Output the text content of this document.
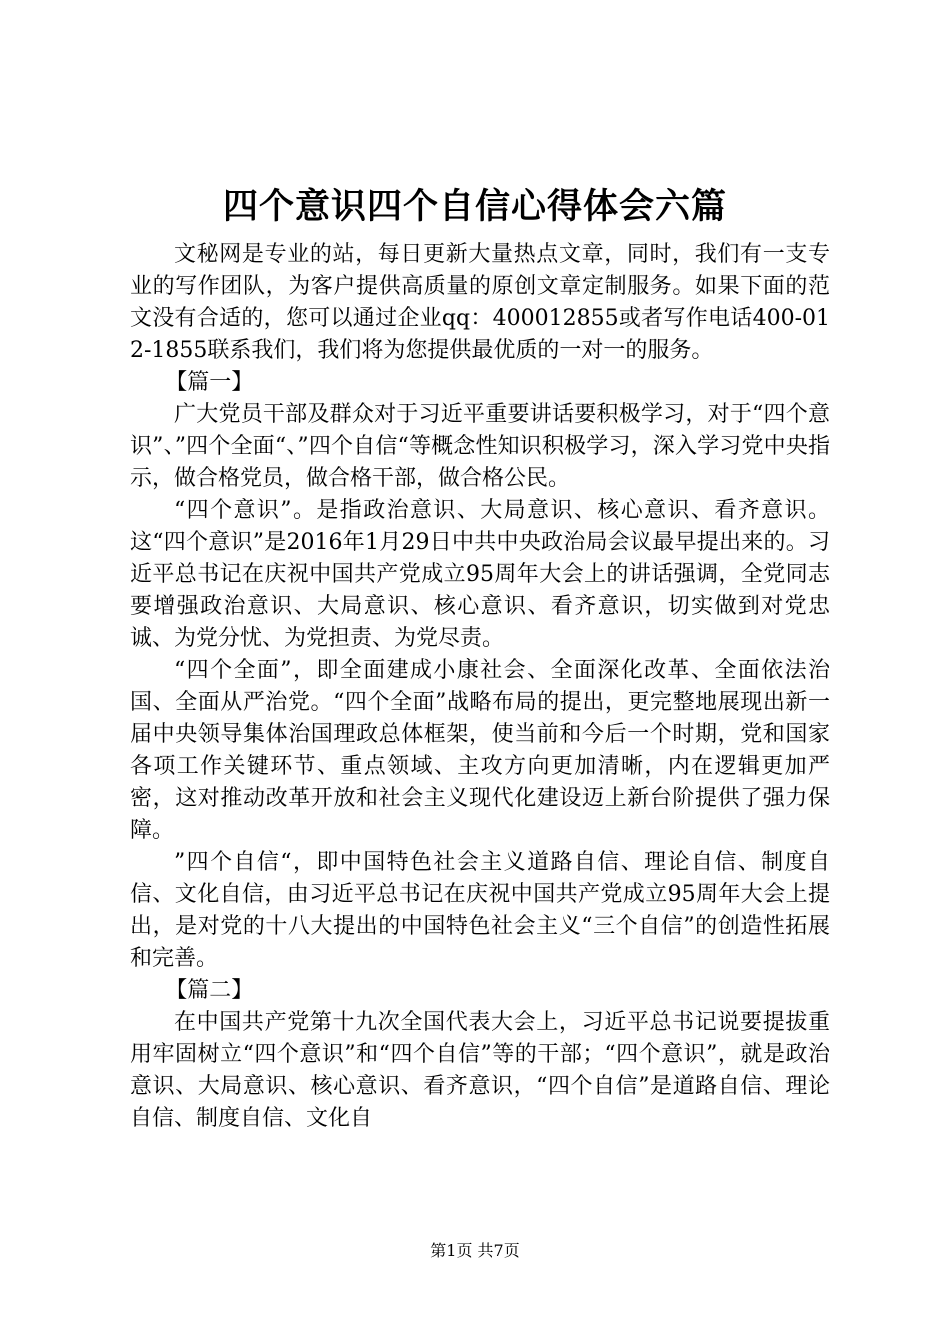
四个意识四个自信心得体会六篇

文秘网是专业的站，每日更新大量热点文章，同时，我们有一支专业的写作团队，为客户提供高质量的原创文章定制服务。如果下面的范文没有合适的，您可以通过企业qq：400012855或者写作电话400-012-1855联系我们，我们将为您提供最优质的一对一的服务。

【篇一】

广大党员干部及群众对于习近平重要讲话要积极学习，对于“四个意识”、”四个全面“、”四个自信“等概念性知识积极学习，深入学习党中央指示，做合格党员，做合格干部，做合格公民。

“四个意识”。是指政治意识、大局意识、核心意识、看齐意识。这“四个意识”是2016年1月29日中共中央政治局会议最早提出来的。习近平总书记在庆祝中国共产党成立95周年大会上的讲话强调，全党同志要增强政治意识、大局意识、核心意识、看齐意识，切实做到对党忠诚、为党分忧、为党担责、为党尽责。

“四个全面”，即全面建成小康社会、全面深化改革、全面依法治国、全面从严治党。“四个全面”战略布局的提出，更完整地展现出新一届中央领导集体治国理政总体框架，使当前和今后一个时期，党和国家各项工作关键环节、重点领域、主攻方向更加清晰，内在逻辑更加严密，这对推动改革开放和社会主义现代化建设迈上新台阶提供了强力保障。

”四个自信“，即中国特色社会主义道路自信、理论自信、制度自信、文化自信，由习近平总书记在庆祝中国共产党成立95周年大会上提出，是对党的十八大提出的中国特色社会主义“三个自信”的创造性拓展和完善。

【篇二】

在中国共产党第十九次全国代表大会上，习近平总书记说要提拔重用牢固树立“四个意识”和“四个自信”等的干部；“四个意识”，就是政治意识、大局意识、核心意识、看齐意识，“四个自信”是道路自信、理论自信、制度自信、文化自

第1页 共7页
